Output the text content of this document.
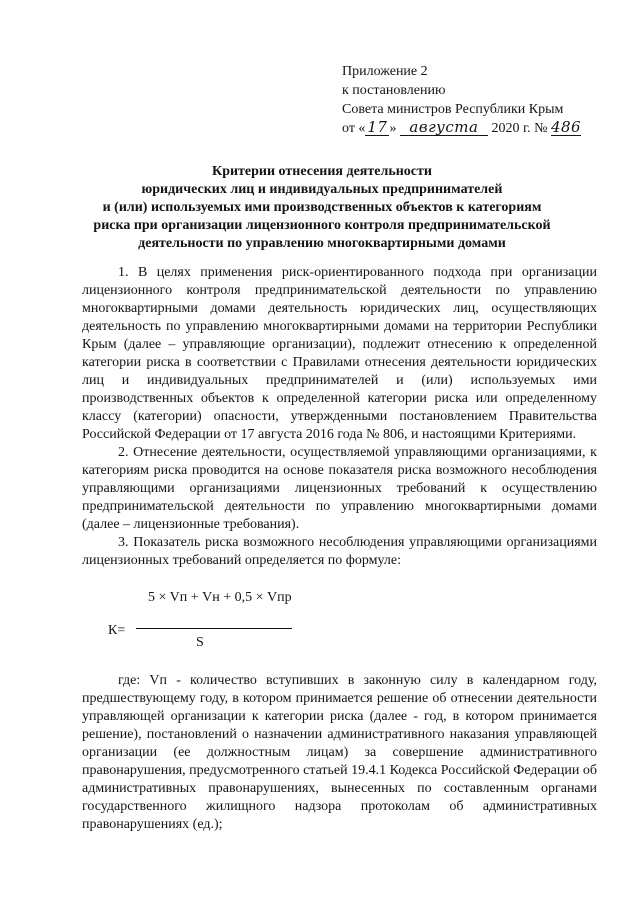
Приложение 2
к постановлению
Совета министров Республики Крым
от « 17 » августа 2020 г. № 486
Критерии отнесения деятельности
юридических лиц и индивидуальных предпринимателей
и (или) используемых ими производственных объектов к категориям
риска при организации лицензионного контроля предпринимательской
деятельности по управлению многоквартирными домами

1. В целях применения риск-ориентированного подхода при организации лицензионного контроля предпринимательской деятельности по управлению многоквартирными домами деятельность юридических лиц, осуществляющих деятельность по управлению многоквартирными домами на территории Республики Крым (далее – управляющие организации), подлежит отнесению к определенной категории риска в соответствии с Правилами отнесения деятельности юридических лиц и индивидуальных предпринимателей и (или) используемых ими производственных объектов к определенной категории риска или определенному классу (категории) опасности, утвержденными постановлением Правительства Российской Федерации от 17 августа 2016 года № 806, и настоящими Критериями.

2. Отнесение деятельности, осуществляемой управляющими организациями, к категориям риска проводится на основе показателя риска возможного несоблюдения управляющими организациями лицензионных требований к осуществлению предпринимательской деятельности по управлению многоквартирными домами (далее – лицензионные требования).

3. Показатель риска возможного несоблюдения управляющими организациями лицензионных требований определяется по формуле:

5 × Vп + Vн + 0,5 × Vпр
К=
S

где: Vп - количество вступивших в законную силу в календарном году, предшествующему году, в котором принимается решение об отнесении деятельности управляющей организации к категории риска (далее - год, в котором принимается решение), постановлений о назначении административного наказания управляющей организации (ее должностным лицам) за совершение административного правонарушения, предусмотренного статьей 19.4.1 Кодекса Российской Федерации об административных правонарушениях, вынесенных по составленным органами государственного жилищного надзора протоколам об административных правонарушениях (ед.);
